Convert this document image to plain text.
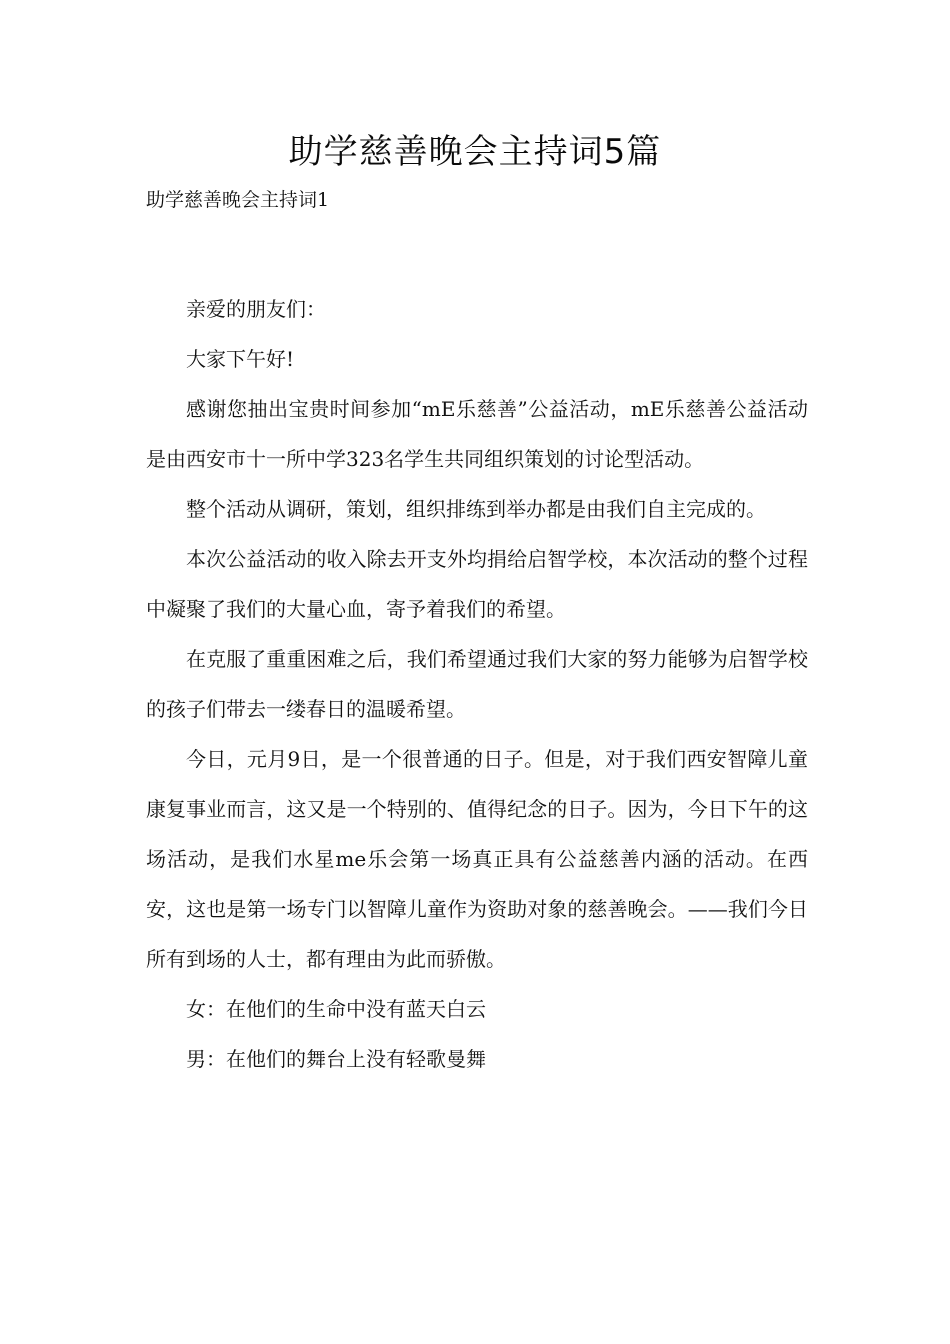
助学慈善晚会主持词5篇
助学慈善晚会主持词1

亲爱的朋友们：

大家下午好!

感谢您抽出宝贵时间参加“mE乐慈善”公益活动，mE乐慈善公益活动是由西安市十一所中学323名学生共同组织策划的讨论型活动。

整个活动从调研，策划，组织排练到举办都是由我们自主完成的。

本次公益活动的收入除去开支外均捐给启智学校，本次活动的整个过程中凝聚了我们的大量心血，寄予着我们的希望。

在克服了重重困难之后，我们希望通过我们大家的努力能够为启智学校的孩子们带去一缕春日的温暖希望。

今日，元月9日，是一个很普通的日子。但是，对于我们西安智障儿童康复事业而言，这又是一个特别的、值得纪念的日子。因为，今日下午的这场活动，是我们水星me乐会第一场真正具有公益慈善内涵的活动。在西安，这也是第一场专门以智障儿童作为资助对象的慈善晚会。——我们今日所有到场的人士，都有理由为此而骄傲。

女：在他们的生命中没有蓝天白云

男：在他们的舞台上没有轻歌曼舞
